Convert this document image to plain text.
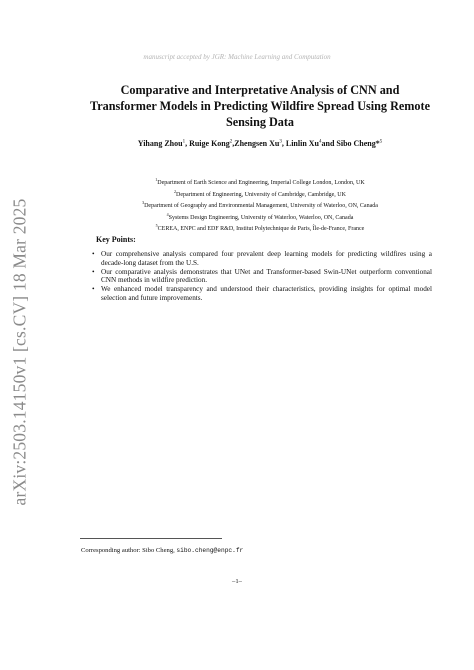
arXiv:2503.14150v1 [cs.CV] 18 Mar 2025
manuscript accepted by JGR: Machine Learning and Computation
Comparative and Interpretative Analysis of CNN and Transformer Models in Predicting Wildfire Spread Using Remote Sensing Data
Yihang Zhou$^1$, Ruige Kong$^2$,Zhengsen Xu$^3$, Linlin Xu$^4$and Sibo Cheng*$^5$
$^1$Department of Earth Science and Engineering, Imperial College London, London, UK
$^2$Department of Engineering, University of Cambridge, Cambridge, UK
$^3$Department of Geography and Environmental Management, University of Waterloo, ON, Canada
$^4$Systems Design Engineering, University of Waterloo, Waterloo, ON, Canada
$^5$CEREA, ENPC and EDF R&D, Institut Polytechnique de Paris, Île-de-France, France
Key Points:
• Our comprehensive analysis compared four prevalent deep learning models for predicting wildfires using a decade-long dataset from the U.S.
• Our comparative analysis demonstrates that UNet and Transformer-based Swin-UNet outperform conventional CNN methods in wildfire prediction.
• We enhanced model transparency and understood their characteristics, providing insights for optimal model selection and future improvements.
Corresponding author: Sibo Cheng, sibo.cheng@enpc.fr
–1–
